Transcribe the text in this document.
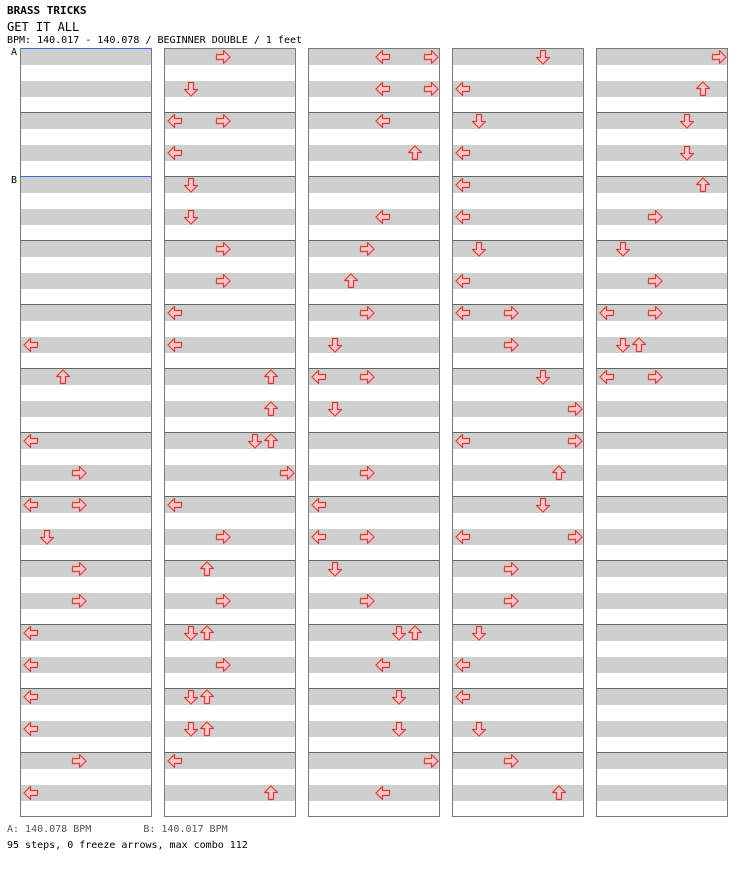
BRASS TRICKS
GET IT ALL
BPM: 140.017 - 140.078 / BEGINNER DOUBLE / 1 feet
A: 140.078 BPM	B: 140.017 BPM
95 steps, 0 freeze arrows, max combo 112
A
B
